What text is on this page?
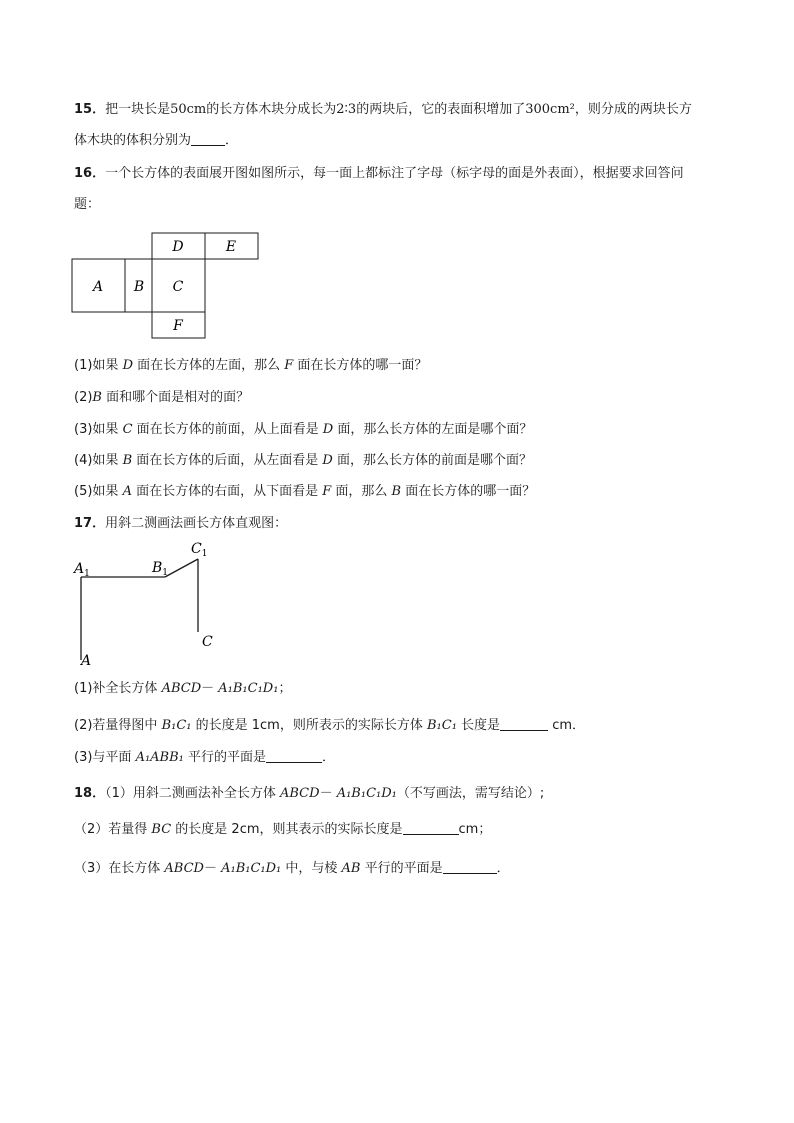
15．把一块长是50cm的长方体木块分成长为2∶3的两块后，它的表面积增加了300cm²，则分成的两块长方
体木块的体积分别为	．
16．一个长方体的表面展开图如图所示，每一面上都标注了字母（标字母的面是外表面），根据要求回答问
题：
D	E
A B C
F
(1)如果 D 面在长方体的左面，那么 F 面在长方体的哪一面？
(2)B 面和哪个面是相对的面？
(3)如果 C 面在长方体的前面，从上面看是 D 面，那么长方体的左面是哪个面？
(4)如果 B 面在长方体的后面，从左面看是 D 面，那么长方体的前面是哪个面？
(5)如果 A 面在长方体的右面，从下面看是 F 面，那么 B 面在长方体的哪一面？
17．用斜二测画法画长方体直观图：
$A_1$	$B_1$
$C_1$
C
A
(1)补全长方体 ABCD－ A₁B₁C₁D₁；
(2)若量得图中 B₁C₁ 的长度是 1cm，则所表示的实际长方体 B₁C₁ 长度是	cm．
(3)与平面 A₁ABB₁ 平行的平面是	．
18．（1）用斜二测画法补全长方体 ABCD－ A₁B₁C₁D₁（不写画法，需写结论）;
（2）若量得 BC 的长度是 2cm，则其表示的实际长度是	cm；
（3）在长方体 ABCD－ A₁B₁C₁D₁ 中，与棱 AB 平行的平面是	．
